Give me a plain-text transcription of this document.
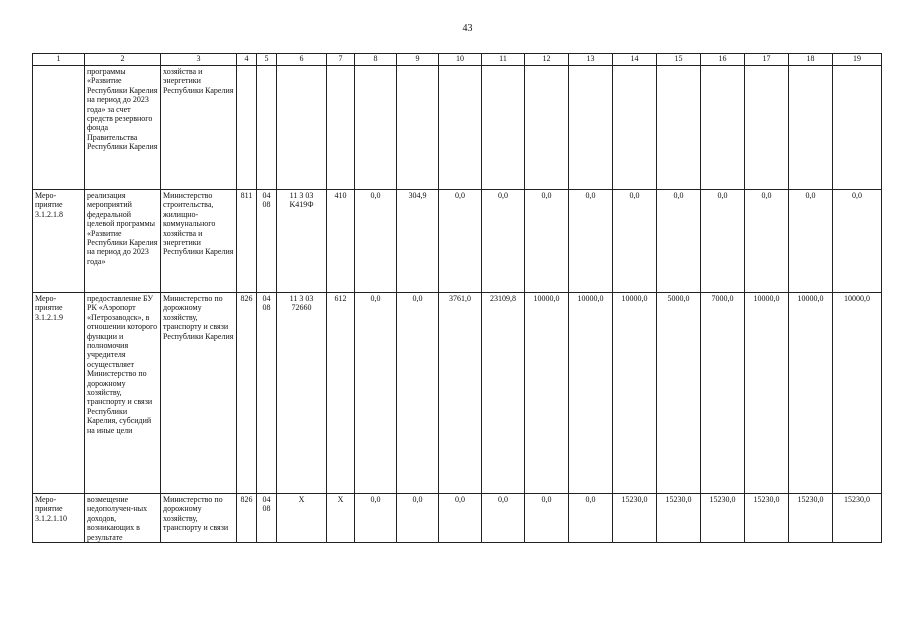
43
1	2	3	4	5	6	7	8	9	10	11	12	13	14	15	16	17	18	19
	программы «Развитие Республики Карелия на период до 2023 года» за счет средств резервного фонда Правительства Республики Карелия	хозяйства и энергетики Республики Карелия																
Меро-приятие 3.1.2.1.8	реализация мероприятий федеральной целевой программы «Развитие Республики Карелия на период до 2023 года»	Министерство строительства, жилищно-коммунального хозяйства и энергетики Республики Карелия	811	04 08	11 3 03 K419Ф	410	0,0	304,9	0,0	0,0	0,0	0,0	0,0	0,0	0,0	0,0	0,0	0,0
Меро-приятие 3.1.2.1.9	предоставление БУ РК «Аэропорт «Петрозаводск», в отношении которого функции и полномочия учредителя осуществляет Министерство по дорожному хозяйству, транспорту и связи Республики Карелия, субсидий на иные цели	Министерство по дорожному хозяйству, транспорту и связи Республики Карелия	826	04 08	11 3 03 72660	612	0,0	0,0	3761,0	23109,8	10000,0	10000,0	10000,0	5000,0	7000,0	10000,0	10000,0	10000,0
Меро-приятие 3.1.2.1.10	возмещение недополучен-ных доходов, возникающих в результате	Министерство по дорожному хозяйству, транспорту и связи	826	04 08	Х	Х	0,0	0,0	0,0	0,0	0,0	0,0	15230,0	15230,0	15230,0	15230,0	15230,0	15230,0
